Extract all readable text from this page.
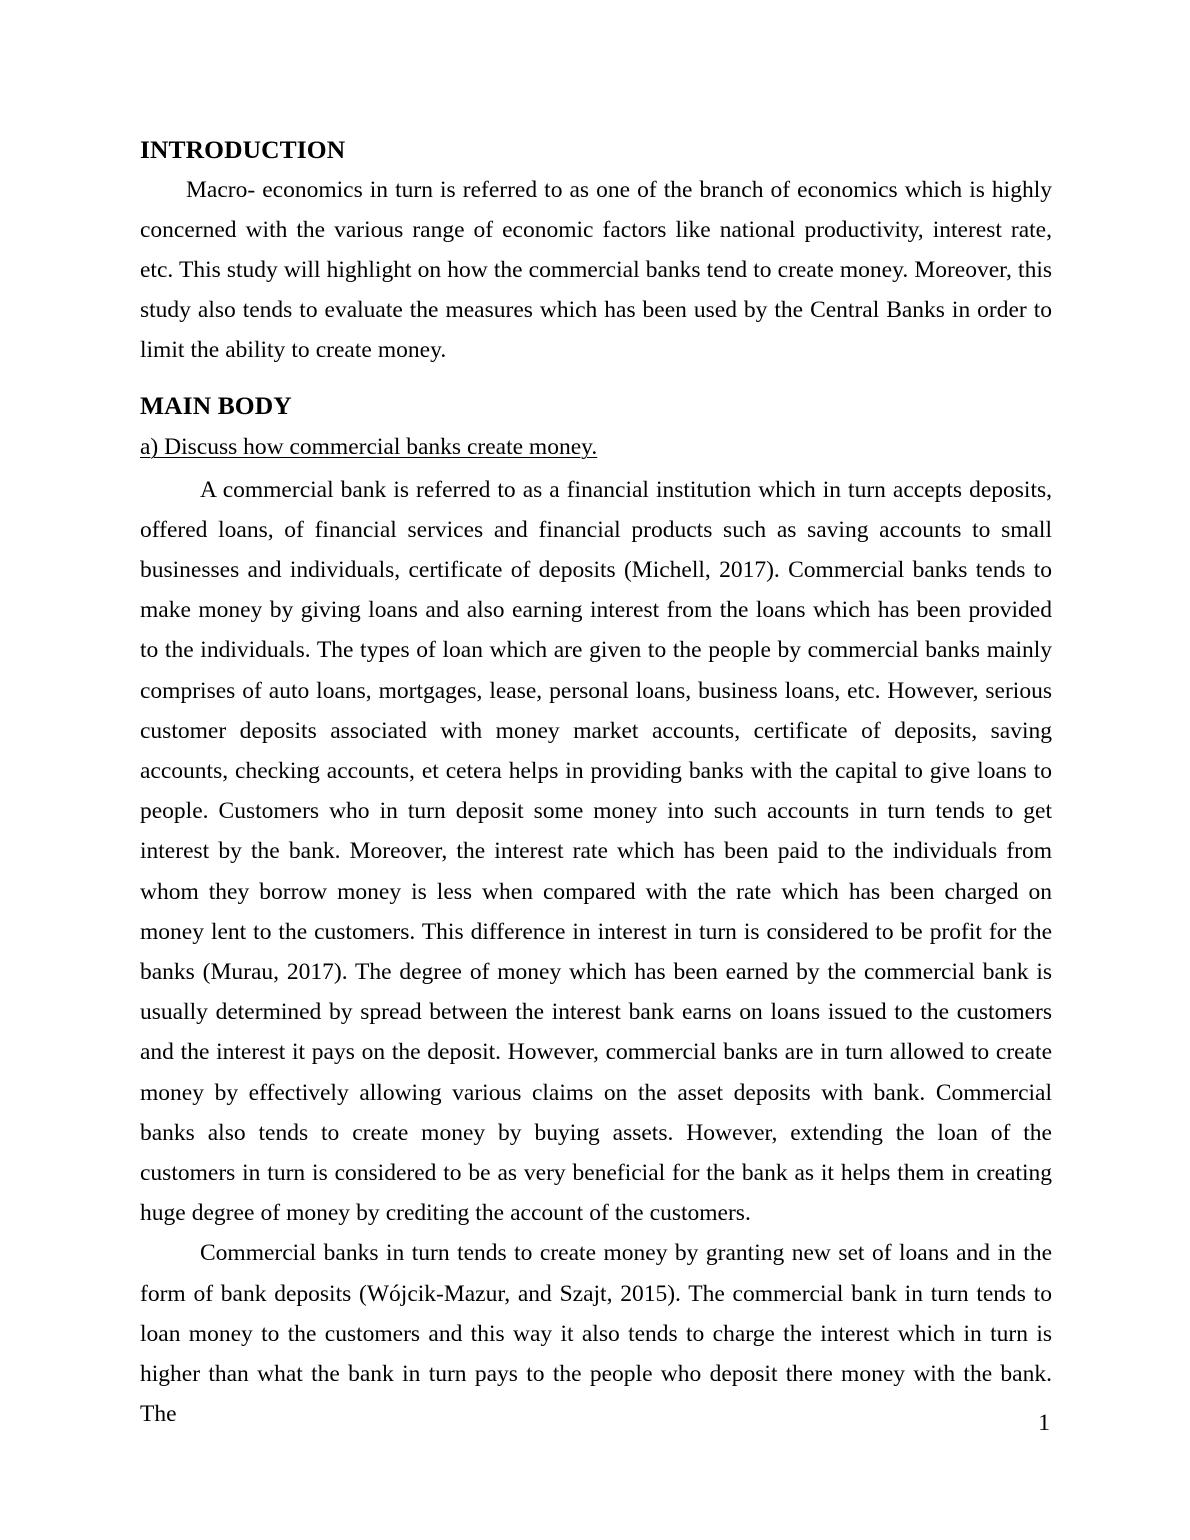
INTRODUCTION

Macro- economics in turn is referred to as one of the branch of economics which is highly concerned with the various range of economic factors like national productivity, interest rate, etc. This study will highlight on how the commercial banks tend to create money. Moreover, this study also tends to evaluate the measures which has been used by the Central Banks in order to limit the ability to create money.

MAIN BODY

a) Discuss how commercial banks create money.

A commercial bank is referred to as a financial institution which in turn accepts deposits, offered loans, of financial services and financial products such as saving accounts to small businesses and individuals, certificate of deposits (Michell, 2017). Commercial banks tends to make money by giving loans and also earning interest from the loans which has been provided to the individuals. The types of loan which are given to the people by commercial banks mainly comprises of auto loans, mortgages, lease, personal loans, business loans, etc. However, serious customer deposits associated with money market accounts, certificate of deposits, saving accounts, checking accounts, et cetera helps in providing banks with the capital to give loans to people. Customers who in turn deposit some money into such accounts in turn tends to get interest by the bank. Moreover, the interest rate which has been paid to the individuals from whom they borrow money is less when compared with the rate which has been charged on money lent to the customers. This difference in interest in turn is considered to be profit for the banks (Murau, 2017). The degree of money which has been earned by the commercial bank is usually determined by spread between the interest bank earns on loans issued to the customers and the interest it pays on the deposit. However, commercial banks are in turn allowed to create money by effectively allowing various claims on the asset deposits with bank. Commercial banks also tends to create money by buying assets. However, extending the loan of the customers in turn is considered to be as very beneficial for the bank as it helps them in creating huge degree of money by crediting the account of the customers.

Commercial banks in turn tends to create money by granting new set of loans and in the form of bank deposits (Wójcik-Mazur, and Szajt, 2015). The commercial bank in turn tends to loan money to the customers and this way it also tends to charge the interest which in turn is higher than what the bank in turn pays to the people who deposit there money with the bank. The	1
